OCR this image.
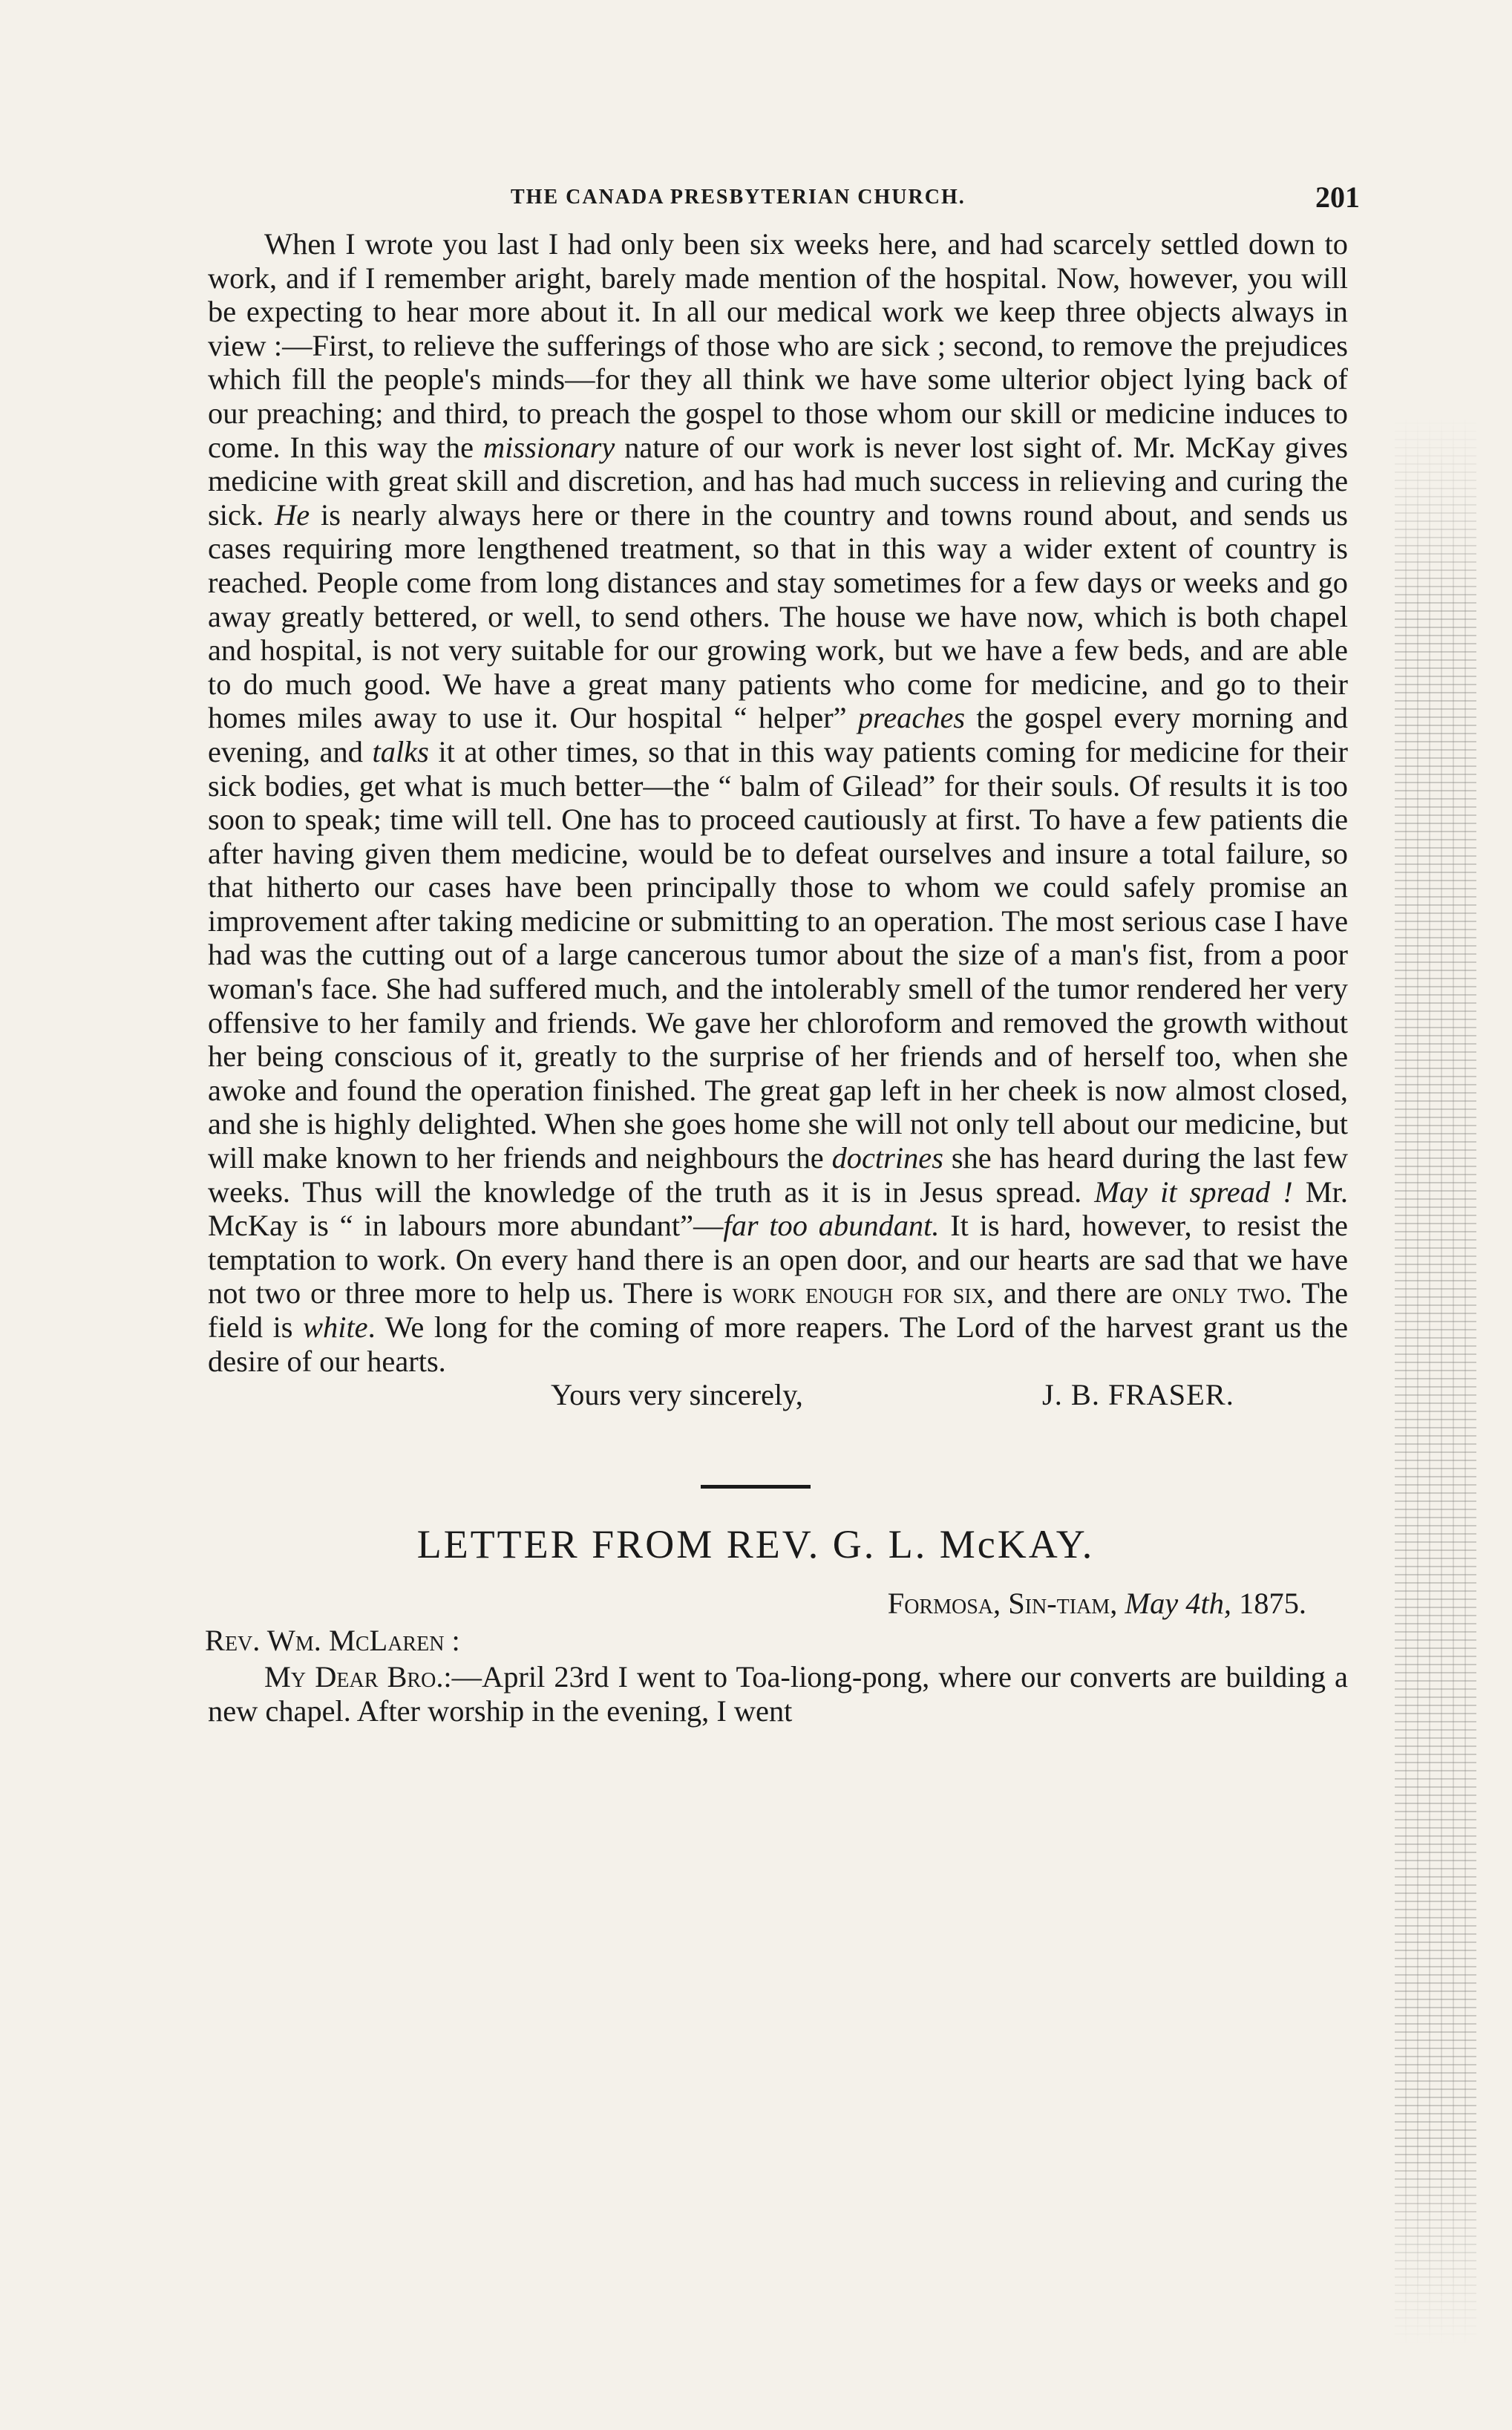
THE CANADA PRESBYTERIAN CHURCH.	201

When I wrote you last I had only been six weeks here, and had scarcely settled down to work, and if I remember aright, barely made mention of the hospital. Now, however, you will be expecting to hear more about it. In all our medical work we keep three objects always in view :—First, to relieve the sufferings of those who are sick ; second, to remove the prejudices which fill the people's minds—for they all think we have some ulterior object lying back of our preaching; and third, to preach the gospel to those whom our skill or medicine induces to come. In this way the missionary nature of our work is never lost sight of. Mr. McKay gives medicine with great skill and discretion, and has had much success in relieving and curing the sick. He is nearly always here or there in the country and towns round about, and sends us cases requiring more lengthened treatment, so that in this way a wider extent of country is reached. People come from long distances and stay sometimes for a few days or weeks and go away greatly bettered, or well, to send others. The house we have now, which is both chapel and hospital, is not very suitable for our growing work, but we have a few beds, and are able to do much good. We have a great many patients who come for medicine, and go to their homes miles away to use it. Our hospital “ helper” preaches the gospel every morning and evening, and talks it at other times, so that in this way patients coming for medicine for their sick bodies, get what is much better—the “ balm of Gilead” for their souls. Of results it is too soon to speak; time will tell. One has to proceed cautiously at first. To have a few patients die after having given them medicine, would be to defeat ourselves and insure a total failure, so that hitherto our cases have been principally those to whom we could safely promise an improvement after taking medicine or submitting to an operation. The most serious case I have had was the cutting out of a large cancerous tumor about the size of a man's fist, from a poor woman's face. She had suffered much, and the intolerably smell of the tumor rendered her very offensive to her family and friends. We gave her chloroform and removed the growth without her being conscious of it, greatly to the surprise of her friends and of herself too, when she awoke and found the operation finished. The great gap left in her cheek is now almost closed, and she is highly delighted. When she goes home she will not only tell about our medicine, but will make known to her friends and neighbours the doctrines she has heard during the last few weeks. Thus will the knowledge of the truth as it is in Jesus spread. May it spread ! Mr. McKay is “ in labours more abundant”—far too abundant. It is hard, however, to resist the temptation to work. On every hand there is an open door, and our hearts are sad that we have not two or three more to help us. There is work enough for six, and there are only two. The field is white. We long for the coming of more reapers. The Lord of the harvest grant us the desire of our hearts.

Yours very sincerely,	J. B. FRASER.
LETTER FROM REV. G. L. McKAY.
Formosa, Sin-tiam, May 4th, 1875.
Rev. Wm. McLaren :

My Dear Bro.:—April 23rd I went to Toa-liong-pong, where our converts are building a new chapel. After worship in the evening, I went
